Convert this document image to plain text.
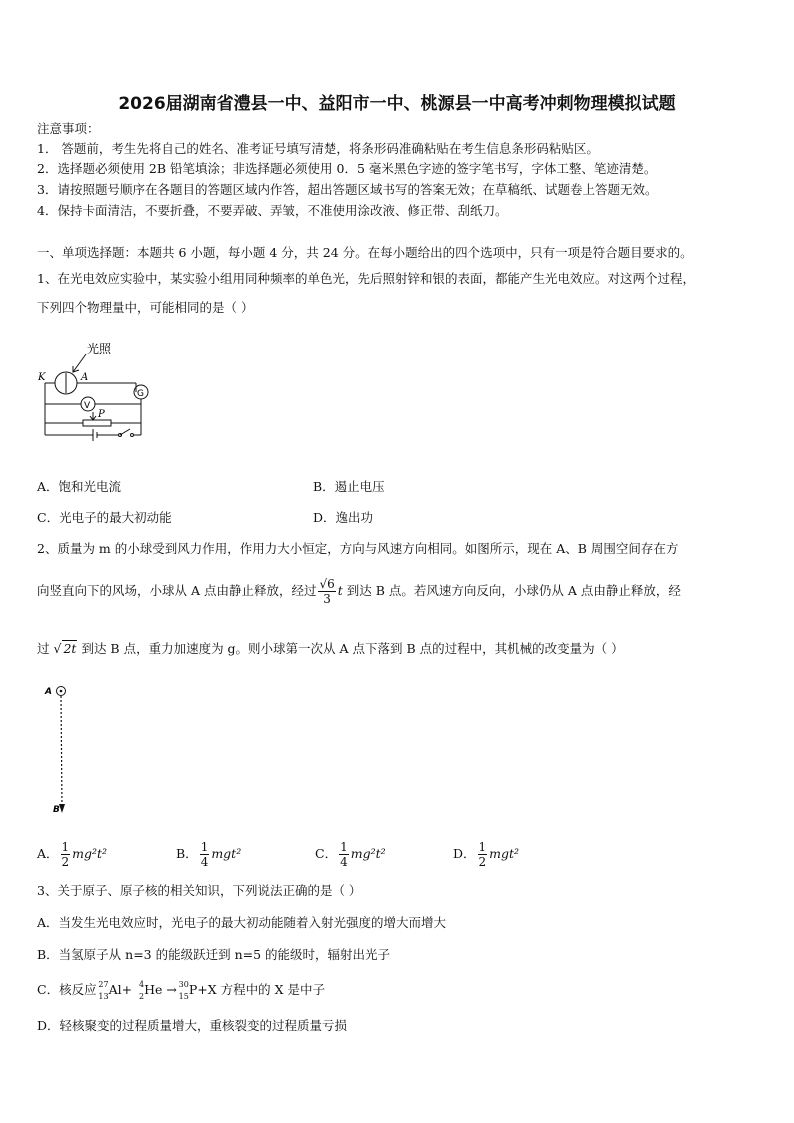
2026届湖南省澧县一中、益阳市一中、桃源县一中高考冲刺物理模拟试题
注意事项：
1． 答题前，考生先将自己的姓名、准考证号填写清楚，将条形码准确粘贴在考生信息条形码粘贴区。
2．选择题必须使用 2B 铅笔填涂；非选择题必须使用 0．5 毫米黑色字迹的签字笔书写，字体工整、笔迹清楚。
3．请按照题号顺序在各题目的答题区域内作答，超出答题区域书写的答案无效；在草稿纸、试题卷上答题无效。
4．保持卡面清洁，不要折叠，不要弄破、弄皱，不准使用涂改液、修正带、刮纸刀。
一、单项选择题：本题共 6 小题，每小题 4 分，共 24 分。在每小题给出的四个选项中，只有一项是符合题目要求的。
1、在光电效应实验中，某实验小组用同种频率的单色光，先后照射锌和银的表面，都能产生光电效应。对这两个过程，
下列四个物理量中，可能相同的是（ ）
光照
K	A
G
V
P
A．饱和光电流	B．遏止电压
C．光电子的最大初动能	D．逸出功
2、质量为 m 的小球受到风力作用，作用力大小恒定，方向与风速方向相同。如图所示，现在 A、B 周围空间存在方
向竖直向下的风场，小球从 A 点由静止释放，经过 $\frac{√6}{3}$ t 到达 B 点。若风速方向反向，小球仍从 A 点由静止释放，经
过 √ 2t 到达 B 点，重力加速度为 g。则小球第一次从 A 点下落到 B 点的过程中，其机械的改变量为（ ）
A
B
A． $\frac{1}{2} mg^2t^2$	B． $\frac{1}{4} mgt^2$	C． $\frac{1}{4} mg^2t^2$	D． $\frac{1}{2} mgt^2$
3、关于原子、原子核的相关知识，下列说法正确的是（ ）
A．当发生光电效应时，光电子的最大初动能随着入射光强度的增大而增大
B．当氢原子从 n=3 的能级跃迁到 n=5 的能级时，辐射出光子
C．核反应 27
13 Al+ 4
2 He → 30
15 P+X 方程中的 X 是中子
D．轻核聚变的过程质量增大，重核裂变的过程质量亏损
